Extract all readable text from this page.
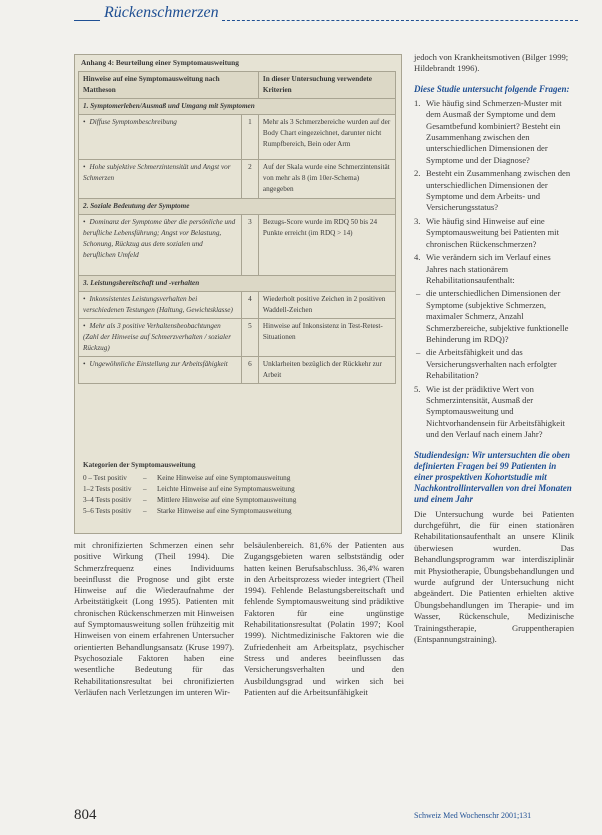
Rückenschmerzen
Anhang 4: Beurteilung einer Symptomausweitung
Hinweise auf eine Symptomausweitung nach Mattheson		In dieser Untersuchung verwendete Kriterien
1. Symptomerleben/Ausmaß und Umgang mit Symptomen		
• Diffuse Symptombeschreibung	1	Mehr als 3 Schmerzbereiche wurden auf der Body Chart eingezeichnet, darunter nicht Rumpfbereich, Bein oder Arm
• Hohe subjektive Schmerzintensität und Angst vor Schmerzen	2	Auf der Skala wurde eine Schmerzintensität von mehr als 8 (im 10er-Schema) angegeben
2. Soziale Bedeutung der Symptome		
• Dominanz der Symptome über die persönliche und berufliche Lebensführung; Angst vor Belastung, Schonung, Rückzug aus dem sozialen und beruflichen Umfeld	3	Bezugs-Score wurde im RDQ 50 bis 24 Punkte erreicht (im RDQ > 14)
3. Leistungsbereitschaft und -verhalten		
• Inkonsistentes Leistungsverhalten bei verschiedenen Testungen (Haltung, Gewichtsklasse)	4	Wiederholt positive Zeichen in 2 positiven Waddell-Zeichen
• Mehr als 3 positive Verhaltensbeobachtungen (Zahl der Hinweise auf Schmerzverhalten / sozialer Rückzug)	5	Hinweise auf Inkonsistenz in Test-Retest-Situationen
• Ungewöhnliche Einstellung zur Arbeitsfähigkeit	6	Unklarheiten bezüglich der Rückkehr zur Arbeit
Kategorien der Symptomausweitung
0 – Test positiv – Keine Hinweise auf eine Symptomausweitung
1–2 Tests positiv – Leichte Hinweise auf eine Symptomausweitung
3–4 Tests positiv – Mittlere Hinweise auf eine Symptomausweitung
5–6 Tests positiv – Starke Hinweise auf eine Symptomausweitung
jedoch von Krankheitsmotiven (Bilger 1999; Hildebrandt 1996).
Diese Studie untersucht folgende Fragen:
1. Wie häufig sind Schmerzen-Muster mit dem Ausmaß der Symptome und dem Gesamtbefund kombiniert? Besteht ein Zusammenhang zwischen den unterschiedlichen Dimensionen der Symptome und der Diagnose?
2. Besteht ein Zusammenhang zwischen den unterschiedlichen Dimensionen der Symptome und dem Arbeits- und Versicherungsstatus?
3. Wie häufig sind Hinweise auf eine Symptomausweitung bei Patienten mit chronischen Rückenschmerzen?
4. Wie verändern sich im Verlauf eines Jahres nach stationärem Rehabilitationsaufenthalt:
– die unterschiedlichen Dimensionen der Symptome (subjektive Schmerzen, maximaler Schmerz, Anzahl Schmerzbereiche, subjektive funktionelle Behinderung im RDQ)?
– die Arbeitsfähigkeit und das Versicherungsverhalten nach erfolgter Rehabilitation?
5. Wie ist der prädiktive Wert von Schmerzintensität, Ausmaß der Symptomausweitung und Nichtvorhandensein für Arbeitsfähigkeit und den Verlauf nach einem Jahr?
Studiendesign: Wir untersuchten die oben definierten Fragen bei 99 Patienten in einer prospektiven Kohortstudie mit Nachkontrollintervallen von drei Monaten und einem Jahr

Die Untersuchung wurde bei Patienten durchgeführt, die für einen stationären Rehabilitationsaufenthalt an unsere Klinik überwiesen wurden. Das Behandlungsprogramm war interdisziplinär mit Physiotherapie, Übungsbehandlungen und wurde aufgrund der Untersuchung nicht abgeändert. Die Patienten erhielten aktive Übungsbehandlungen im Therapie- und im Wasser, Rückenschule, Medizinische Trainingstherapie, Gruppentherapien (Entspannungstraining).

mit chronifizierten Schmerzen einen sehr positive Wirkung (Theil 1994). Die Schmerzfrequenz eines Individuums beeinflusst die Prognose und gibt erste Hinweise auf die Wiederaufnahme der Arbeitstätigkeit (Long 1995). Patienten mit chronischen Rückenschmerzen mit Hinweisen auf Symptomausweitung sollen frühzeitig mit Hinweisen von einem erfahrenen Untersucher orientierten Behandlungsansatz (Kruse 1997). Psychosoziale Faktoren haben eine wesentliche Bedeutung für das Rehabilitationsresultat bei chronifizierten Verläufen nach Verletzungen im unteren Wir-
belsäulenbereich. 81,6% der Patienten aus Zugangsgebieten waren selbstständig oder hatten keinen Berufsabschluss. 36,4% waren in den Arbeitsprozess wieder integriert (Theil 1994). Fehlende Belastungsbereitschaft und fehlende Symptomausweitung sind prädiktive Faktoren für eine ungünstige Rehabilitationsresultat (Polatin 1997; Kool 1999). Nichtmedizinische Faktoren wie die Zufriedenheit am Arbeitsplatz, psychischer Stress und anderes beeinflussen das Versicherungsverhalten und den Ausbildungsgrad und wirken sich bei Patienten auf die Arbeitsunfähigkeit
804	Schweiz Med Wochenschr 2001;131
